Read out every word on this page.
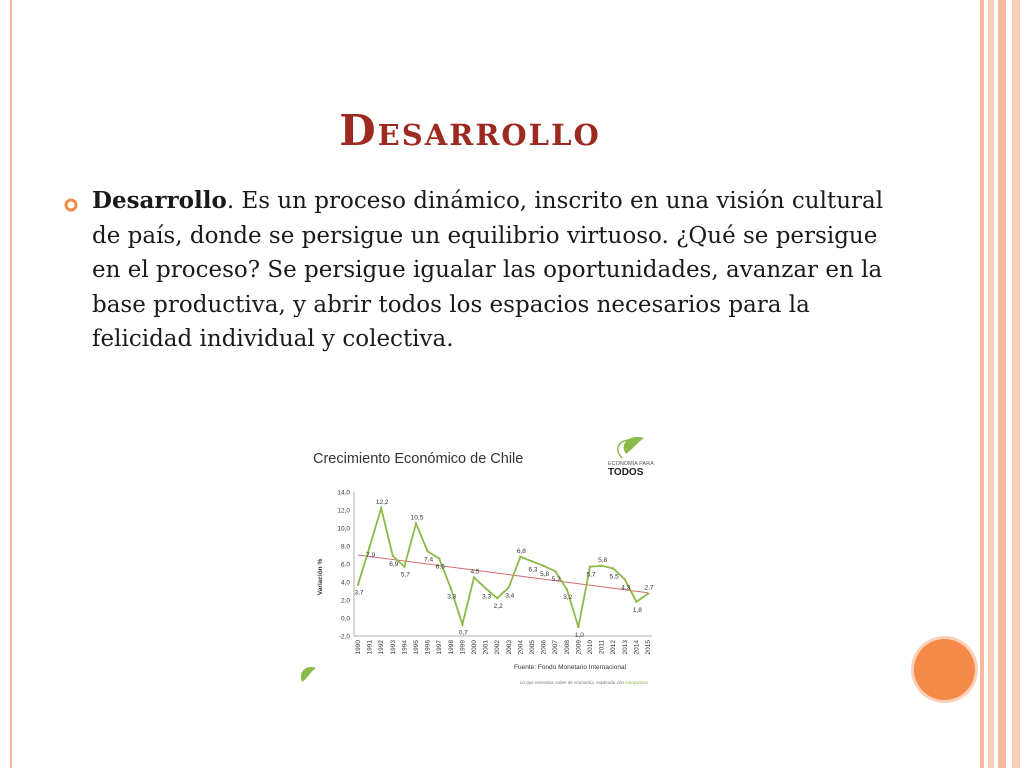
Desarrollo

Desarrollo. Es un proceso dinámico, inscrito en una visión cultural de país, donde se persigue un equilibrio virtuoso. ¿Qué se persigue en el proceso? Se persigue igualar las oportunidades, avanzar en la base productiva, y abrir todos los espacios necesarios para la felicidad individual y colectiva.

Crecimiento Económico de Chile	ECONOMÍA PARA
TODOS
Variación %
14,0
12,0
10,0
8,0
6,0
4,0
2,0
0,0
-2,0
3,7
7,9
12,2
6,9
5,7
10,5
7,4
6,6
3,3
0,7
4,5
3,3
2,2
3,4
6,8
6,3
5,8
5,2
3,2
1,0
5,7
5,8
5,5
4,3
1,8
2,7
1990 1991 1992 1993 1994 1995 1996 1997 1998 1999 2000 2001 2002 2003 2004 2005 2006 2007 2008 2009 2010 2011 2012 2013 2014 2015
Fuente: Fondo Monetario Internacional
Lo que necesitas saber de economía, explicado con manzanitas
